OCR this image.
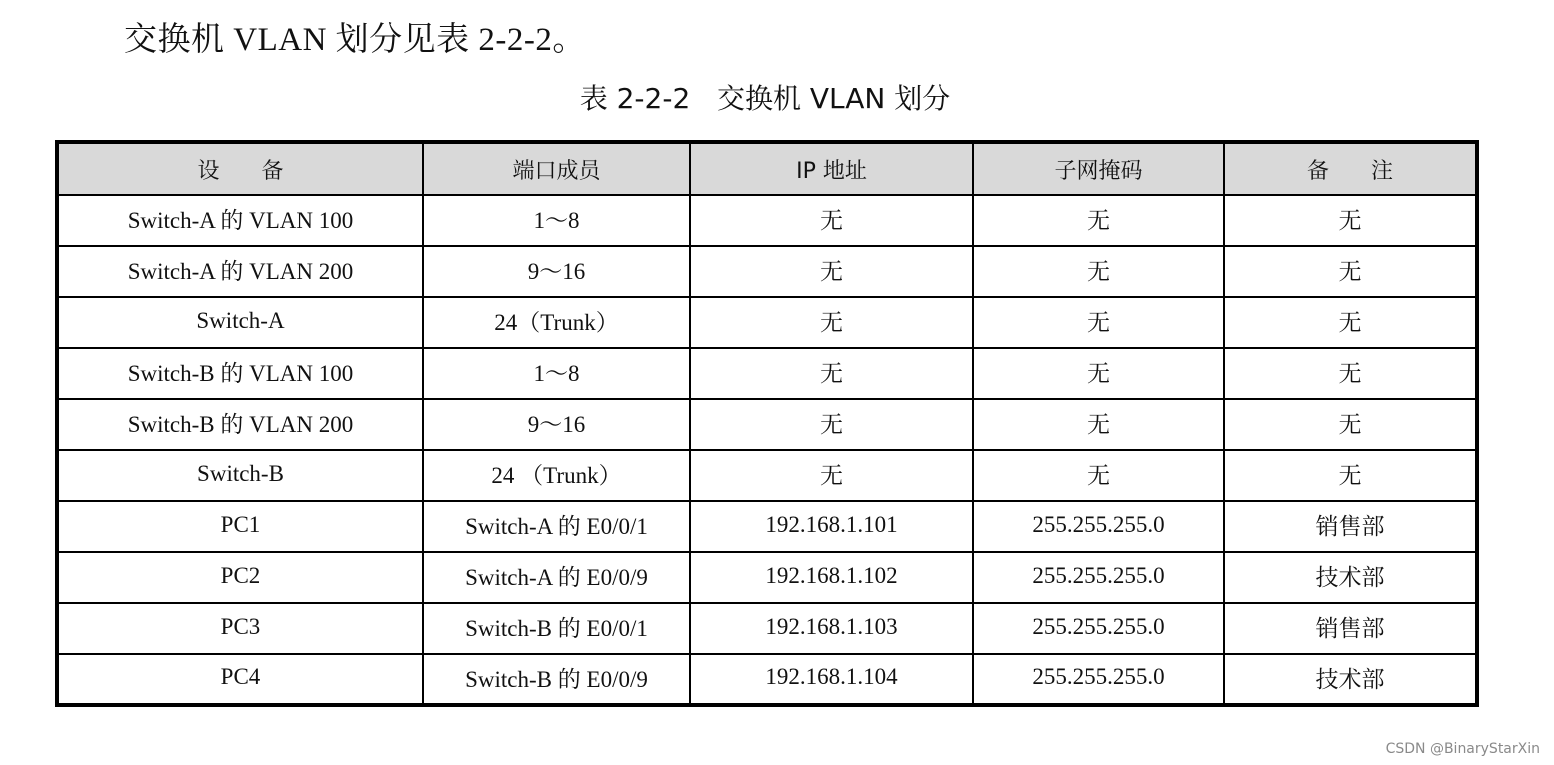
交换机 VLAN 划分见表 2-2-2。
表 2-2-2   交换机 VLAN 划分
设      备	端口成员	IP 地址	子网掩码	备      注
Switch-A 的 VLAN 100	1～8	无	无	无
Switch-A 的 VLAN 200	9～16	无	无	无
Switch-A	24（Trunk）	无	无	无
Switch-B 的 VLAN 100	1～8	无	无	无
Switch-B 的 VLAN 200	9～16	无	无	无
Switch-B	24 （Trunk）	无	无	无
PC1	Switch-A 的 E0/0/1	192.168.1.101	255.255.255.0	销售部
PC2	Switch-A 的 E0/0/9	192.168.1.102	255.255.255.0	技术部
PC3	Switch-B 的 E0/0/1	192.168.1.103	255.255.255.0	销售部
PC4	Switch-B 的 E0/0/9	192.168.1.104	255.255.255.0	技术部
CSDN @BinaryStarXin
